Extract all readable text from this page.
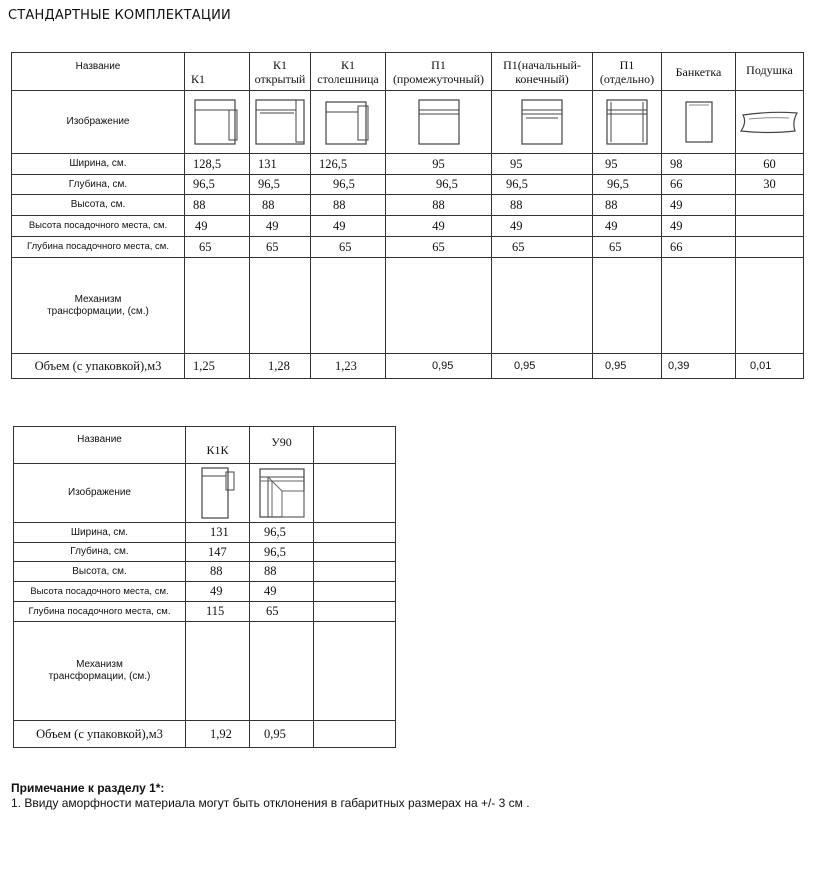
СТАНДАРТНЫЕ КОМПЛЕКТАЦИИ
Название	К1	К1 открытый	К1 столешница	П1 (промежуточный)	П1(начальный- конечный)	П1 (отдельно)	Банкетка	Подушка
Изображение								
Ширина, см.	128,5	131	126,5	95	95	95	98	60
Глубина, см.	96,5	96,5	96,5	96,5	96,5	96,5	66	30
Высота, см.	88	88	88	88	88	88	49	
Высота посадочного места, см.	49	49	49	49	49	49	49	
Глубина посадочного места, см.	65	65	65	65	65	65	66	
Механизм трансформации, (см.)								
Объем (с упаковкой),м3	1,25	1,28	1,23	0,95	0,95	0,95	0,39	0,01
Название	К1К	У90	
Изображение			
Ширина, см.	131	96,5	
Глубина, см.	147	96,5	
Высота, см.	88	88	
Высота посадочного места, см.	49	49	
Глубина посадочного места, см.	115	65	
Механизм трансформации, (см.)			
Объем (с упаковкой),м3	1,92	0,95	
Примечание к разделу 1*:
1. Ввиду аморфности материала могут быть отклонения в габаритных размерах на +/- 3 см .
